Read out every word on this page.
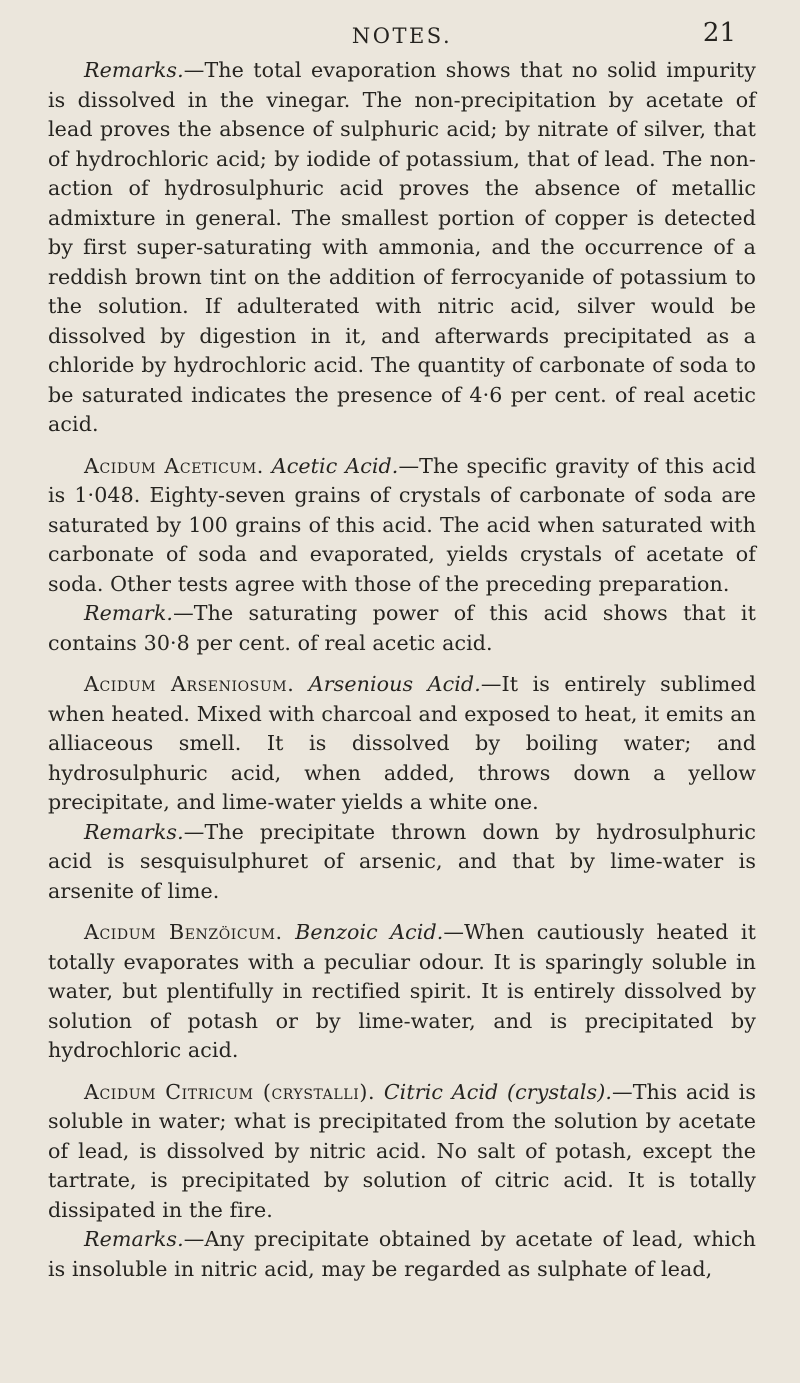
NOTES.	21

Remarks.—The total evaporation shows that no solid impurity is dissolved in the vinegar. The non-precipitation by acetate of lead proves the absence of sulphuric acid; by nitrate of silver, that of hydrochloric acid; by iodide of potassium, that of lead. The non-action of hydrosulphuric acid proves the absence of metallic admixture in general. The smallest portion of copper is detected by first super-saturating with ammonia, and the occurrence of a reddish brown tint on the addition of ferrocyanide of potassium to the solution. If adulterated with nitric acid, silver would be dissolved by digestion in it, and afterwards precipitated as a chloride by hydrochloric acid. The quantity of carbonate of soda to be saturated indicates the presence of 4·6 per cent. of real acetic acid.

Acidum Aceticum. Acetic Acid.—The specific gravity of this acid is 1·048. Eighty-seven grains of crystals of carbonate of soda are saturated by 100 grains of this acid. The acid when saturated with carbonate of soda and evaporated, yields crystals of acetate of soda. Other tests agree with those of the preceding preparation.

Remark.—The saturating power of this acid shows that it contains 30·8 per cent. of real acetic acid.

Acidum Arseniosum. Arsenious Acid.—It is entirely sublimed when heated. Mixed with charcoal and exposed to heat, it emits an alliaceous smell. It is dissolved by boiling water; and hydrosulphuric acid, when added, throws down a yellow precipitate, and lime-water yields a white one.

Remarks.—The precipitate thrown down by hydrosulphuric acid is sesquisulphuret of arsenic, and that by lime-water is arsenite of lime.

Acidum Benzöicum. Benzoic Acid.—When cautiously heated it totally evaporates with a peculiar odour. It is sparingly soluble in water, but plentifully in rectified spirit. It is entirely dissolved by solution of potash or by lime-water, and is precipitated by hydrochloric acid.

Acidum Citricum (crystalli). Citric Acid (crystals).—This acid is soluble in water; what is precipitated from the solution by acetate of lead, is dissolved by nitric acid. No salt of potash, except the tartrate, is precipitated by solution of citric acid. It is totally dissipated in the fire.

Remarks.—Any precipitate obtained by acetate of lead, which is insoluble in nitric acid, may be regarded as sulphate of lead,
